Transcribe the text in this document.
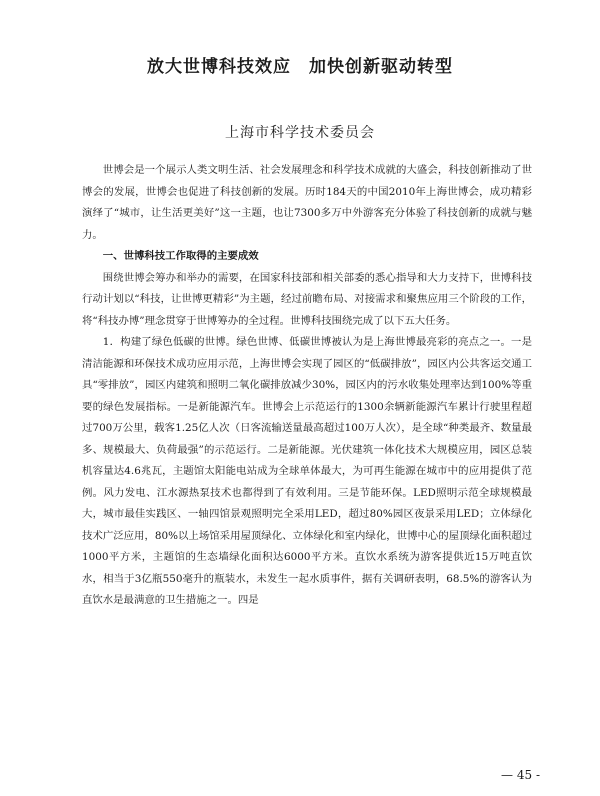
放大世博科技效应　加快创新驱动转型
上海市科学技术委员会

世博会是一个展示人类文明生活、社会发展理念和科学技术成就的大盛会，科技创新推动了世博会的发展，世博会也促进了科技创新的发展。历时184天的中国2010年上海世博会，成功精彩演绎了“城市，让生活更美好”这一主题，也让7300多万中外游客充分体验了科技创新的成就与魅力。

一、世博科技工作取得的主要成效

围绕世博会筹办和举办的需要，在国家科技部和相关部委的悉心指导和大力支持下，世博科技行动计划以“科技，让世博更精彩”为主题，经过前瞻布局、对接需求和聚焦应用三个阶段的工作，将“科技办博”理念贯穿于世博筹办的全过程。世博科技围绕完成了以下五大任务。

1．构建了绿色低碳的世博。绿色世博、低碳世博被认为是上海世博最亮彩的亮点之一。一是清洁能源和环保技术成功应用示范，上海世博会实现了园区的“低碳排放”，园区内公共客运交通工具“零排放”，园区内建筑和照明二氧化碳排放减少30%，园区内的污水收集处理率达到100%等重要的绿色发展指标。一是新能源汽车。世博会上示范运行的1300余辆新能源汽车累计行驶里程超过700万公里，载客1.25亿人次（日客流输送量最高超过100万人次），是全球“种类最齐、数量最多、规模最大、负荷最强”的示范运行。二是新能源。光伏建筑一体化技术大规模应用，园区总装机容量达4.6兆瓦，主题馆太阳能电站成为全球单体最大，为可再生能源在城市中的应用提供了范例。风力发电、江水源热泵技术也都得到了有效利用。三是节能环保。LED照明示范全球规模最大，城市最佳实践区、一轴四馆景观照明完全采用LED，超过80%园区夜景采用LED；立体绿化技术广泛应用，80%以上场馆采用屋顶绿化、立体绿化和室内绿化，世博中心的屋顶绿化面积超过1000平方米，主题馆的生态墙绿化面积达6000平方米。直饮水系统为游客提供近15万吨直饮水，相当于3亿瓶550毫升的瓶装水，未发生一起水质事件，据有关调研表明，68.5%的游客认为直饮水是最满意的卫生措施之一。四是

— 45 -
